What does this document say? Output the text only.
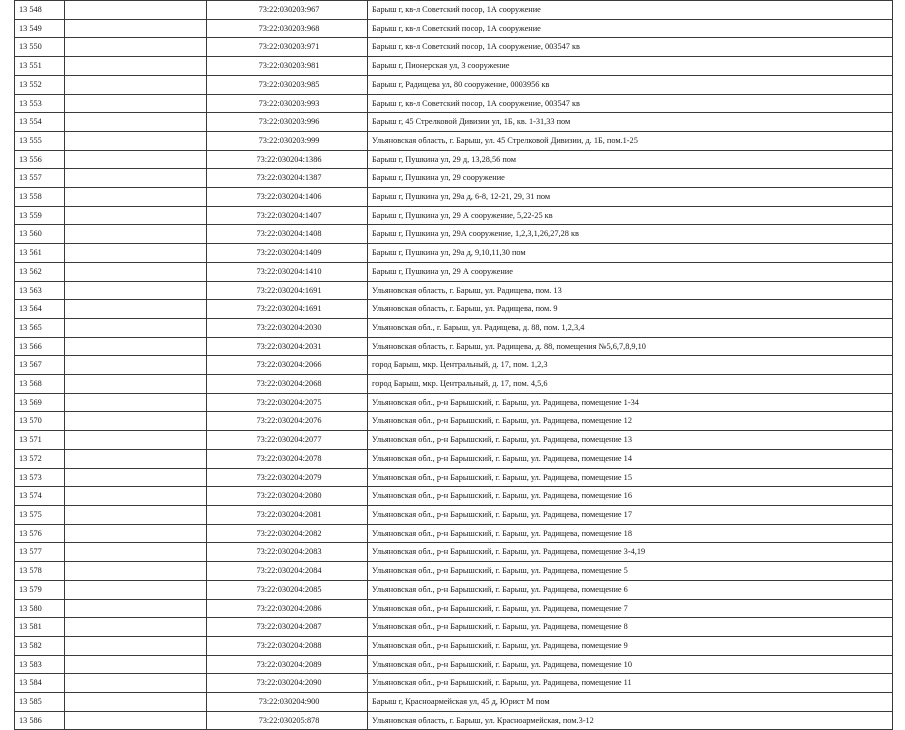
13 548		73:22:030203:967	Барыш г, кв-л Советский посор, 1А сооружение
13 549		73:22:030203:968	Барыш г, кв-л Советский посор, 1А сооружение
13 550		73:22:030203:971	Барыш г, кв-л Советский посор, 1А сооружение, 003547 кв
13 551		73:22:030203:981	Барыш г, Пионерская ул, 3 сооружение
13 552		73:22:030203:985	Барыш г, Радищева ул, 80 сооружение, 0003956 кв
13 553		73:22:030203:993	Барыш г, кв-л Советский посор, 1А сооружение, 003547 кв
13 554		73:22:030203:996	Барыш г, 45 Стрелковой Дивизии ул, 1Б, кв. 1-31,33 пом
13 555		73:22:030203:999	Ульяновская область, г. Барыш, ул. 45 Стрелковой Дивизии, д. 1Б, пом.1-25
13 556		73:22:030204:1386	Барыш г, Пушкина ул, 29 д, 13,28,56 пом
13 557		73:22:030204:1387	Барыш г, Пушкина ул, 29 сооружение
13 558		73:22:030204:1406	Барыш г, Пушкина ул, 29а д, 6-8, 12-21, 29, 31 пом
13 559		73:22:030204:1407	Барыш г, Пушкина ул, 29 А сооружение, 5,22-25 кв
13 560		73:22:030204:1408	Барыш г, Пушкина ул, 29А сооружение, 1,2,3,1,26,27,28 кв
13 561		73:22:030204:1409	Барыш г, Пушкина ул, 29а д, 9,10,11,30 пом
13 562		73:22:030204:1410	Барыш г, Пушкина ул, 29 А сооружение
13 563		73:22:030204:1691	Ульяновская область, г. Барыш, ул. Радищева, пом. 13
13 564		73:22:030204:1691	Ульяновская область, г. Барыш, ул. Радищева, пом. 9
13 565		73:22:030204:2030	Ульяновская обл., г. Барыш, ул. Радищева, д. 88, пом. 1,2,3,4
13 566		73:22:030204:2031	Ульяновская область, г. Барыш, ул. Радищева, д. 88, помещения №5,6,7,8,9,10
13 567		73:22:030204:2066	город Барыш, мкр. Центральный, д. 17, пом. 1,2,3
13 568		73:22:030204:2068	город Барыш, мкр. Центральный, д. 17, пом. 4,5,6
13 569		73:22:030204:2075	Ульяновская обл., р-н Барышский, г. Барыш, ул. Радищева, помещение 1-34
13 570		73:22:030204:2076	Ульяновская обл., р-н Барышский, г. Барыш, ул. Радищева, помещение 12
13 571		73:22:030204:2077	Ульяновская обл., р-н Барышский, г. Барыш, ул. Радищева, помещение 13
13 572		73:22:030204:2078	Ульяновская обл., р-н Барышский, г. Барыш, ул. Радищева, помещение 14
13 573		73:22:030204:2079	Ульяновская обл., р-н Барышский, г. Барыш, ул. Радищева, помещение 15
13 574		73:22:030204:2080	Ульяновская обл., р-н Барышский, г. Барыш, ул. Радищева, помещение 16
13 575		73:22:030204:2081	Ульяновская обл., р-н Барышский, г. Барыш, ул. Радищева, помещение 17
13 576		73:22:030204:2082	Ульяновская обл., р-н Барышский, г. Барыш, ул. Радищева, помещение 18
13 577		73:22:030204:2083	Ульяновская обл., р-н Барышский, г. Барыш, ул. Радищева, помещение 3-4,19
13 578		73:22:030204:2084	Ульяновская обл., р-н Барышский, г. Барыш, ул. Радищева, помещение 5
13 579		73:22:030204:2085	Ульяновская обл., р-н Барышский, г. Барыш, ул. Радищева, помещение 6
13 580		73:22:030204:2086	Ульяновская обл., р-н Барышский, г. Барыш, ул. Радищева, помещение 7
13 581		73:22:030204:2087	Ульяновская обл., р-н Барышский, г. Барыш, ул. Радищева, помещение 8
13 582		73:22:030204:2088	Ульяновская обл., р-н Барышский, г. Барыш, ул. Радищева, помещение 9
13 583		73:22:030204:2089	Ульяновская обл., р-н Барышский, г. Барыш, ул. Радищева, помещение 10
13 584		73:22:030204:2090	Ульяновская обл., р-н Барышский, г. Барыш, ул. Радищева, помещение 11
13 585		73:22:030204:900	Барыш г, Красноармейская ул, 45 д, Юрист М пом
13 586		73:22:030205:878	Ульяновская область, г. Барыш, ул. Красноармейская, пом.3-12
